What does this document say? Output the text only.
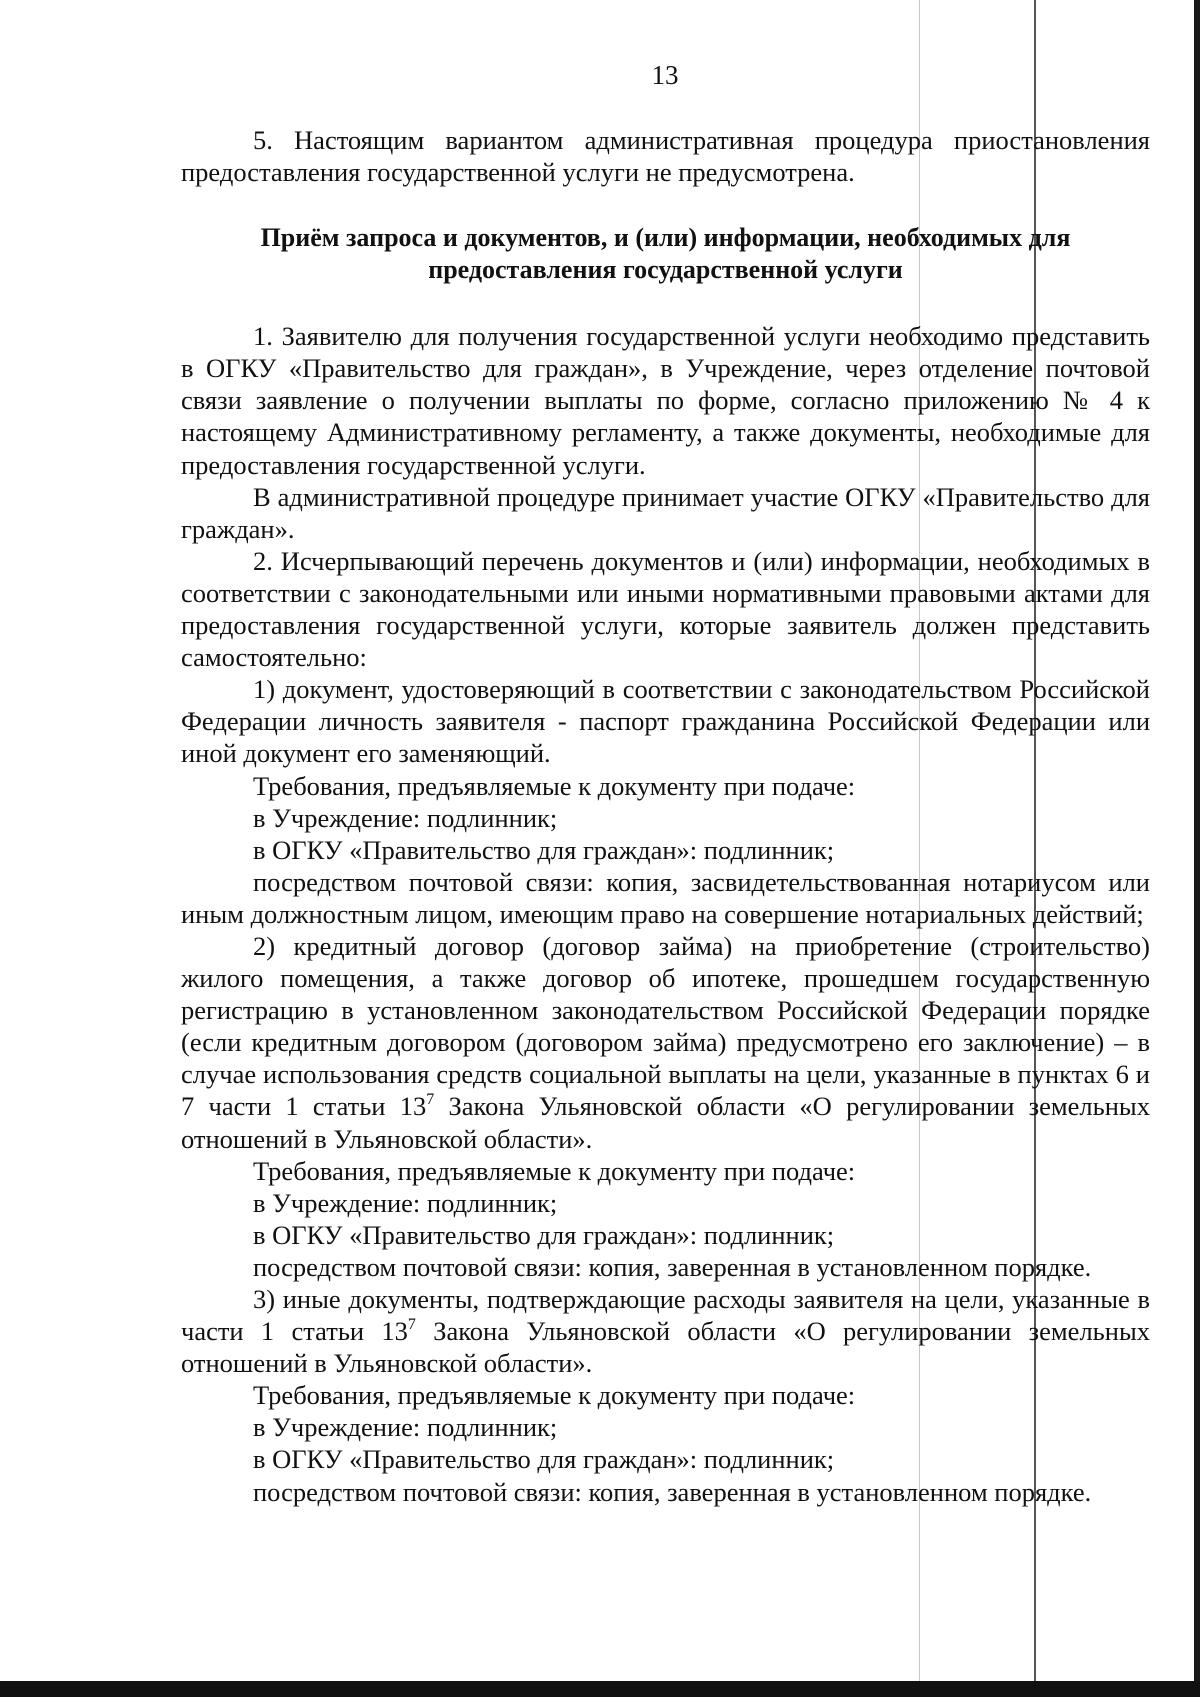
13

5. Настоящим вариантом административная процедура приостановления предоставления государственной услуги не предусмотрена.

Приём запроса и документов, и (или) информации, необходимых для
предоставления государственной услуги

1. Заявителю для получения государственной услуги необходимо представить в ОГКУ «Правительство для граждан», в Учреждение, через отделение почтовой связи заявление о получении выплаты по форме, согласно приложению № 4 к настоящему Административному регламенту, а также документы, необходимые для предоставления государственной услуги.

В административной процедуре принимает участие ОГКУ «Правительство для граждан».

2. Исчерпывающий перечень документов и (или) информации, необходимых в соответствии с законодательными или иными нормативными правовыми актами для предоставления государственной услуги, которые заявитель должен представить самостоятельно:

1) документ, удостоверяющий в соответствии с законодательством Российской Федерации личность заявителя - паспорт гражданина Российской Федерации или иной документ его заменяющий.

Требования, предъявляемые к документу при подаче:

в Учреждение: подлинник;

в ОГКУ «Правительство для граждан»: подлинник;

посредством почтовой связи: копия, засвидетельствованная нотариусом или иным должностным лицом, имеющим право на совершение нотариальных действий;

2) кредитный договор (договор займа) на приобретение (строительство) жилого помещения, а также договор об ипотеке, прошедшем государственную регистрацию в установленном законодательством Российской Федерации порядке (если кредитным договором (договором займа) предусмотрено его заключение) – в случае использования средств социальной выплаты на цели, указанные в пунктах 6 и 7 части 1 статьи $13^7$ Закона Ульяновской области «О регулировании земельных отношений в Ульяновской области».

Требования, предъявляемые к документу при подаче:

в Учреждение: подлинник;

в ОГКУ «Правительство для граждан»: подлинник;

посредством почтовой связи: копия, заверенная в установленном порядке.

3) иные документы, подтверждающие расходы заявителя на цели, указанные в части 1 статьи $13^7$ Закона Ульяновской области «О регулировании земельных отношений в Ульяновской области».

Требования, предъявляемые к документу при подаче:

в Учреждение: подлинник;

в ОГКУ «Правительство для граждан»: подлинник;

посредством почтовой связи: копия, заверенная в установленном порядке.
